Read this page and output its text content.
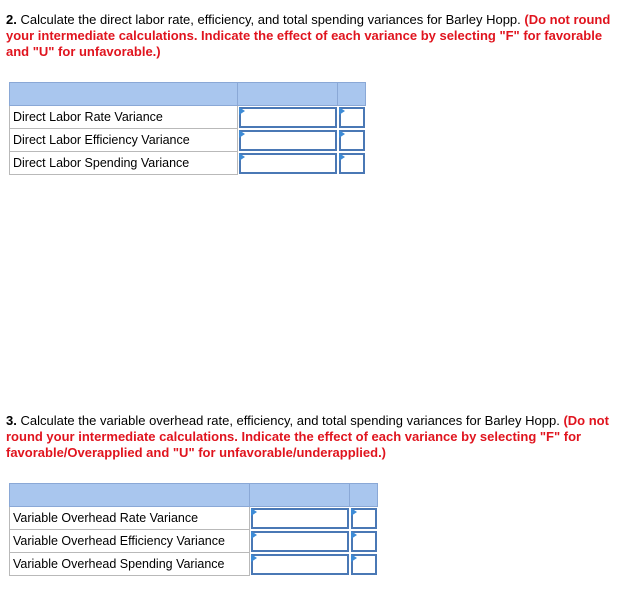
2. Calculate the direct labor rate, efficiency, and total spending variances for Barley Hopp. (Do not round your intermediate calculations. Indicate the effect of each variance by selecting "F" for favorable and "U" for unfavorable.)

Direct Labor Rate Variance	

Direct Labor Efficiency Variance	

Direct Labor Spending Variance	

3. Calculate the variable overhead rate, efficiency, and total spending variances for Barley Hopp. (Do not round your intermediate calculations. Indicate the effect of each variance by selecting "F" for favorable/Overapplied and "U" for unfavorable/underapplied.)

Variable Overhead Rate Variance	

Variable Overhead Efficiency Variance	

Variable Overhead Spending Variance	
